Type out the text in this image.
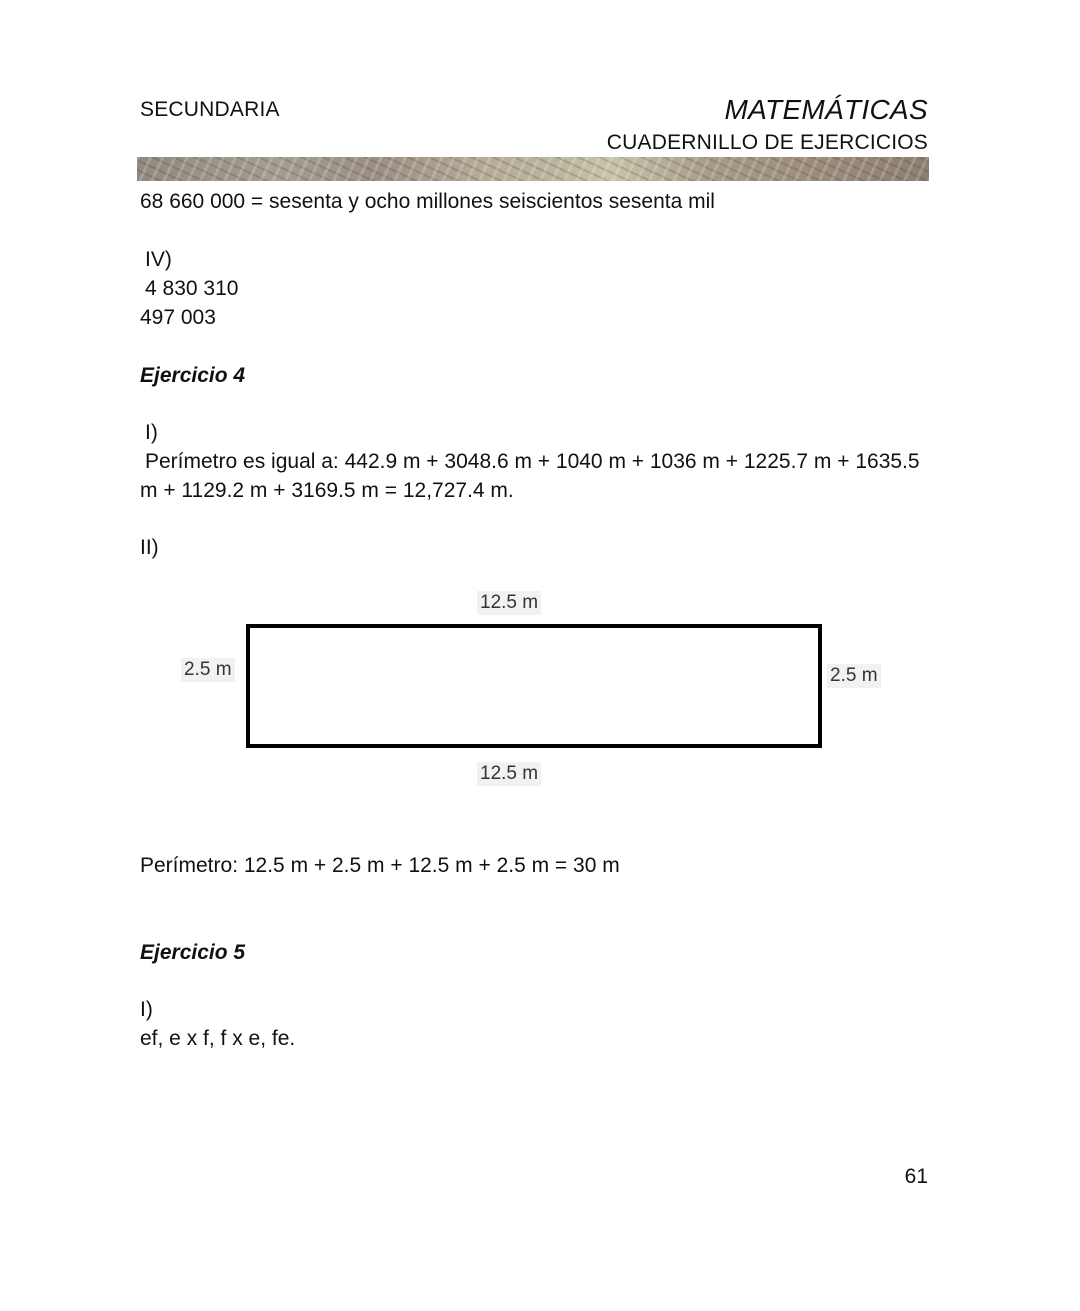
SECUNDARIA	MATEMÁTICAS
CUADERNILLO DE EJERCICIOS
68 660 000 = sesenta y ocho millones seiscientos sesenta mil
IV)
4 830 310
497 003
Ejercicio 4
I)
Perímetro es igual a: 442.9 m + 3048.6 m + 1040 m + 1036 m + 1225.7 m + 1635.5
m + 1129.2 m + 3169.5 m = 12,727.4 m.
II)
12.5 m
2.5 m	2.5 m
12.5 m
Perímetro: 12.5 m + 2.5 m + 12.5 m + 2.5 m = 30 m
Ejercicio 5
I)
ef, e x f, f x e, fe.
61
